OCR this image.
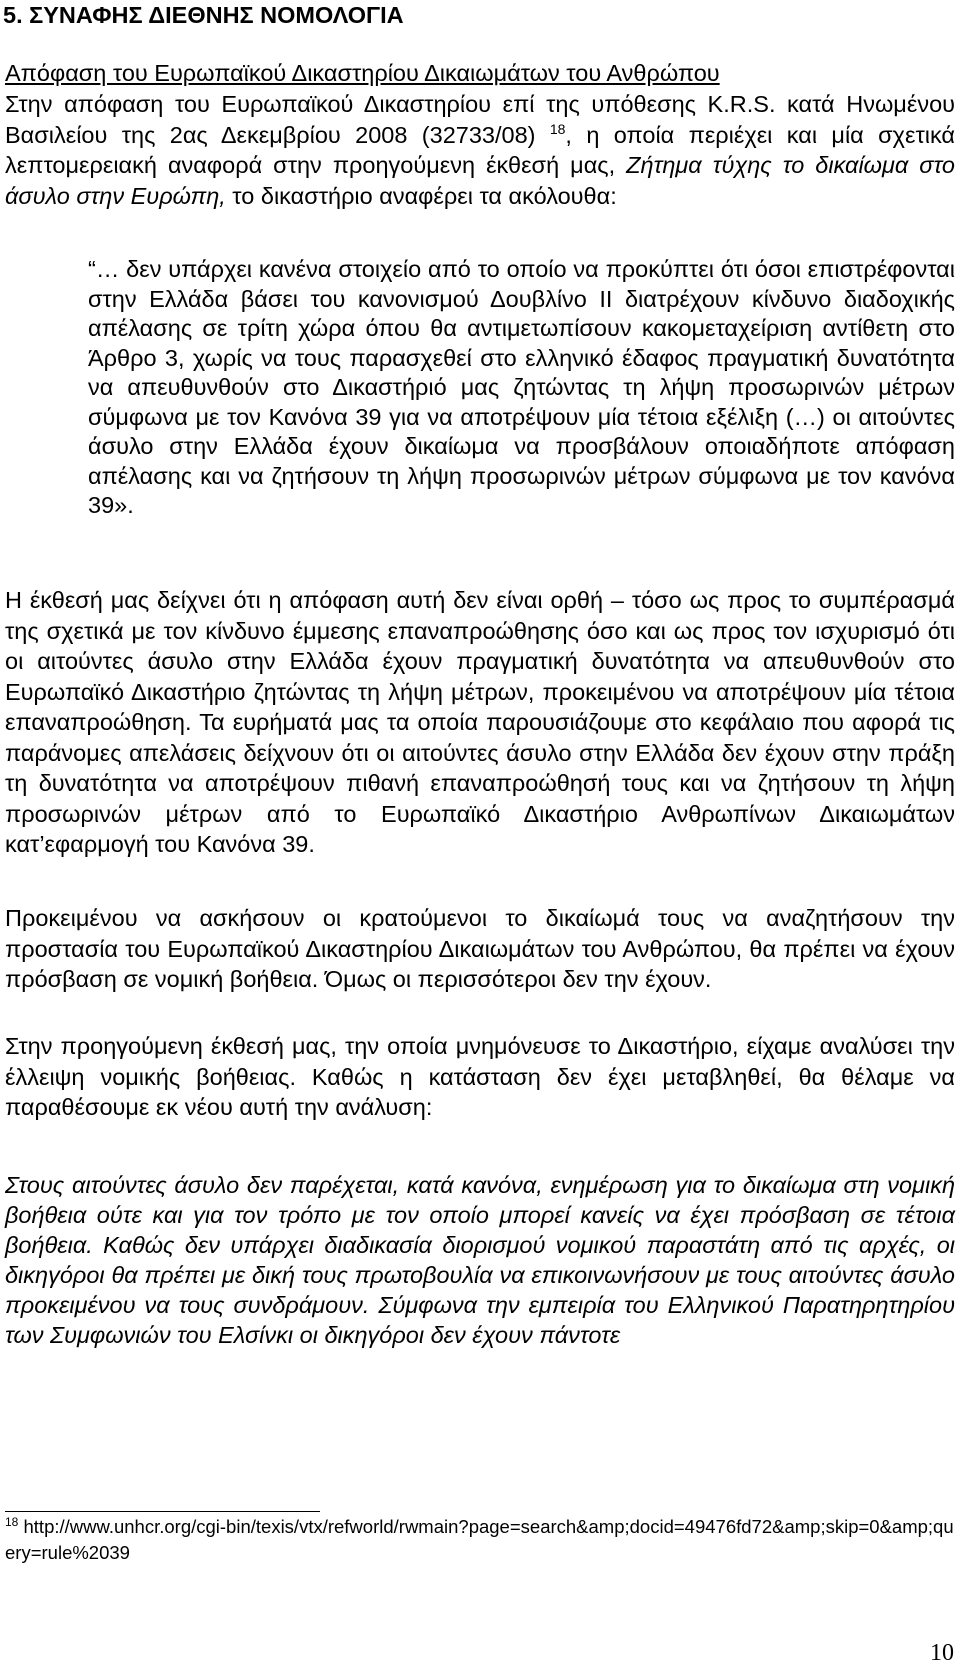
5. ΣΥΝΑΦΗΣ ΔΙΕΘΝΗΣ ΝΟΜΟΛΟΓΙΑ

Απόφαση του Ευρωπαϊκού Δικαστηρίου Δικαιωμάτων του Ανθρώπου

Στην απόφαση του Ευρωπαϊκού Δικαστηρίου επί της υπόθεσης K.R.S. κατά Ηνωμένου Βασιλείου της 2ας Δεκεμβρίου 2008 (32733/08) $^{18}$, η οποία περιέχει και μία σχετικά λεπτομερειακή αναφορά στην προηγούμενη έκθεσή μας, Ζήτημα τύχης το δικαίωμα στο άσυλο στην Ευρώπη, το δικαστήριο αναφέρει τα ακόλουθα:

“… δεν υπάρχει κανένα στοιχείο από το οποίο να προκύπτει ότι όσοι επιστρέφονται στην Ελλάδα βάσει του κανονισμού Δουβλίνο ΙΙ διατρέχουν κίνδυνο διαδοχικής απέλασης σε τρίτη χώρα όπου θα αντιμετωπίσουν κακομεταχείριση αντίθετη στο Άρθρο 3, χωρίς να τους παρασχεθεί στο ελληνικό έδαφος πραγματική δυνατότητα να απευθυνθούν στο Δικαστήριό μας ζητώντας τη λήψη προσωρινών μέτρων σύμφωνα με τον Κανόνα 39 για να αποτρέψουν μία τέτοια εξέλιξη (…) οι αιτούντες άσυλο στην Ελλάδα έχουν δικαίωμα να προσβάλουν οποιαδήποτε απόφαση απέλασης και να ζητήσουν τη λήψη προσωρινών μέτρων σύμφωνα με τον κανόνα 39».

Η έκθεσή μας δείχνει ότι η απόφαση αυτή δεν είναι ορθή – τόσο ως προς το συμπέρασμά της σχετικά με τον κίνδυνο έμμεσης επαναπροώθησης όσο και ως προς τον ισχυρισμό ότι οι αιτούντες άσυλο στην Ελλάδα έχουν πραγματική δυνατότητα να απευθυνθούν στο Ευρωπαϊκό Δικαστήριο ζητώντας τη λήψη μέτρων, προκειμένου να αποτρέψουν μία τέτοια επαναπροώθηση. Τα ευρήματά μας τα οποία παρουσιάζουμε στο κεφάλαιο που αφορά τις παράνομες απελάσεις δείχνουν ότι οι αιτούντες άσυλο στην Ελλάδα δεν έχουν στην πράξη τη δυνατότητα να αποτρέψουν πιθανή επαναπροώθησή τους και να ζητήσουν τη λήψη προσωρινών μέτρων από το Ευρωπαϊκό Δικαστήριο Ανθρωπίνων Δικαιωμάτων κατ’εφαρμογή του Κανόνα 39.

Προκειμένου να ασκήσουν οι κρατούμενοι το δικαίωμά τους να αναζητήσουν την προστασία του Ευρωπαϊκού Δικαστηρίου Δικαιωμάτων του Ανθρώπου, θα πρέπει να έχουν πρόσβαση σε νομική βοήθεια. Όμως οι περισσότεροι δεν την έχουν.

Στην προηγούμενη έκθεσή μας, την οποία μνημόνευσε το Δικαστήριο, είχαμε αναλύσει την έλλειψη νομικής βοήθειας. Καθώς η κατάσταση δεν έχει μεταβληθεί, θα θέλαμε να παραθέσουμε εκ νέου αυτή την ανάλυση:

Στους αιτούντες άσυλο δεν παρέχεται, κατά κανόνα, ενημέρωση για το δικαίωμα στη νομική βοήθεια ούτε και για τον τρόπο με τον οποίο μπορεί κανείς να έχει πρόσβαση σε τέτοια βοήθεια. Καθώς δεν υπάρχει διαδικασία διορισμού νομικού παραστάτη από τις αρχές, οι δικηγόροι θα πρέπει με δική τους πρωτοβουλία να επικοινωνήσουν με τους αιτούντες άσυλο προκειμένου να τους συνδράμουν. Σύμφωνα την εμπειρία του Ελληνικού Παρατηρητηρίου των Συμφωνιών του Ελσίνκι οι δικηγόροι δεν έχουν πάντοτε

$^{18}$ http://www.unhcr.org/cgi-bin/texis/vtx/refworld/rwmain?page=search&amp;docid=49476fd72&amp;skip=0&amp;query=rule%2039

10
